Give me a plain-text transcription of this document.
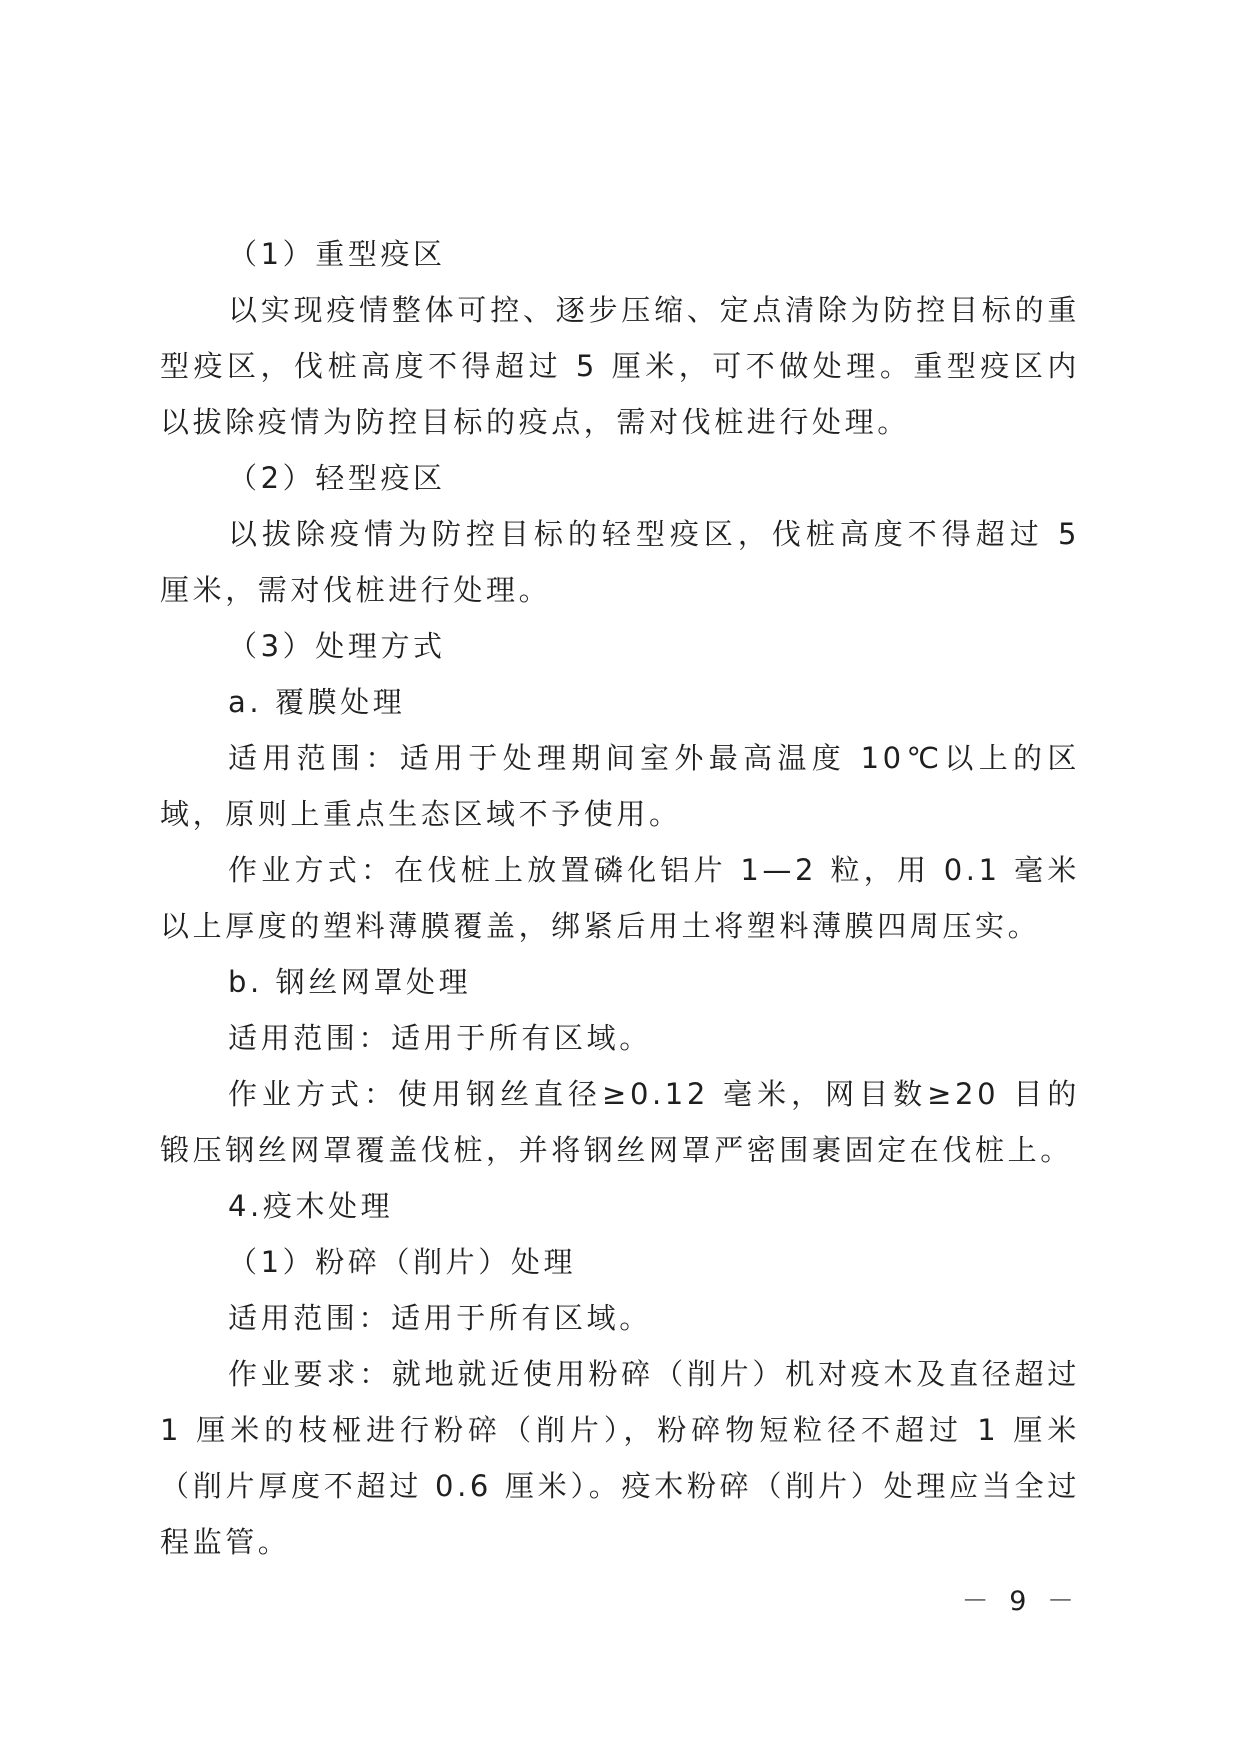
（1）重型疫区

以实现疫情整体可控、逐步压缩、定点清除为防控目标的重型疫区，伐桩高度不得超过 5 厘米，可不做处理。重型疫区内以拔除疫情为防控目标的疫点，需对伐桩进行处理。

（2）轻型疫区

以拔除疫情为防控目标的轻型疫区，伐桩高度不得超过 5 厘米，需对伐桩进行处理。

（3）处理方式

a. 覆膜处理

适用范围：适用于处理期间室外最高温度 10℃以上的区域，原则上重点生态区域不予使用。

作业方式：在伐桩上放置磷化铝片 1—2 粒，用 0.1 毫米以上厚度的塑料薄膜覆盖，绑紧后用土将塑料薄膜四周压实。

b. 钢丝网罩处理

适用范围：适用于所有区域。

作业方式：使用钢丝直径≥0.12 毫米，网目数≥20 目的锻压钢丝网罩覆盖伐桩，并将钢丝网罩严密围裹固定在伐桩上。

4.疫木处理

（1）粉碎（削片）处理

适用范围：适用于所有区域。

作业要求：就地就近使用粉碎（削片）机对疫木及直径超过 1 厘米的枝桠进行粉碎（削片），粉碎物短粒径不超过 1 厘米（削片厚度不超过 0.6 厘米）。疫木粉碎（削片）处理应当全过程监管。

－ 9 －
